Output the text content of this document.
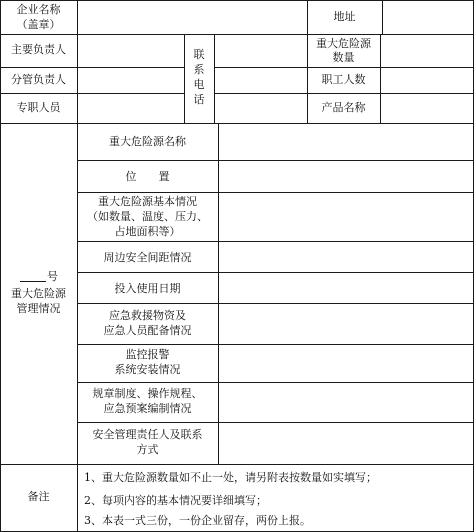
企业名称
（盖章）
地址
主要负责人
分管负责人
专职人员
联系电话
重大危险源
数量
职工人数
产品名称
号
重大危险源
管理情况
重大危险源名称
位　　置
重大危险源基本情况
（如数量、温度、压力、
占地面积等）
周边安全间距情况
投入使用日期
应急救援物资及
应急人员配备情况
监控报警
系统安装情况
规章制度、操作规程、
应急预案编制情况
安全管理责任人及联系
方式
备注
1、重大危险源数量如不止一处，请另附表按数量如实填写；
2、每项内容的基本情况要详细填写；
3、本表一式三份，一份企业留存，两份上报。
